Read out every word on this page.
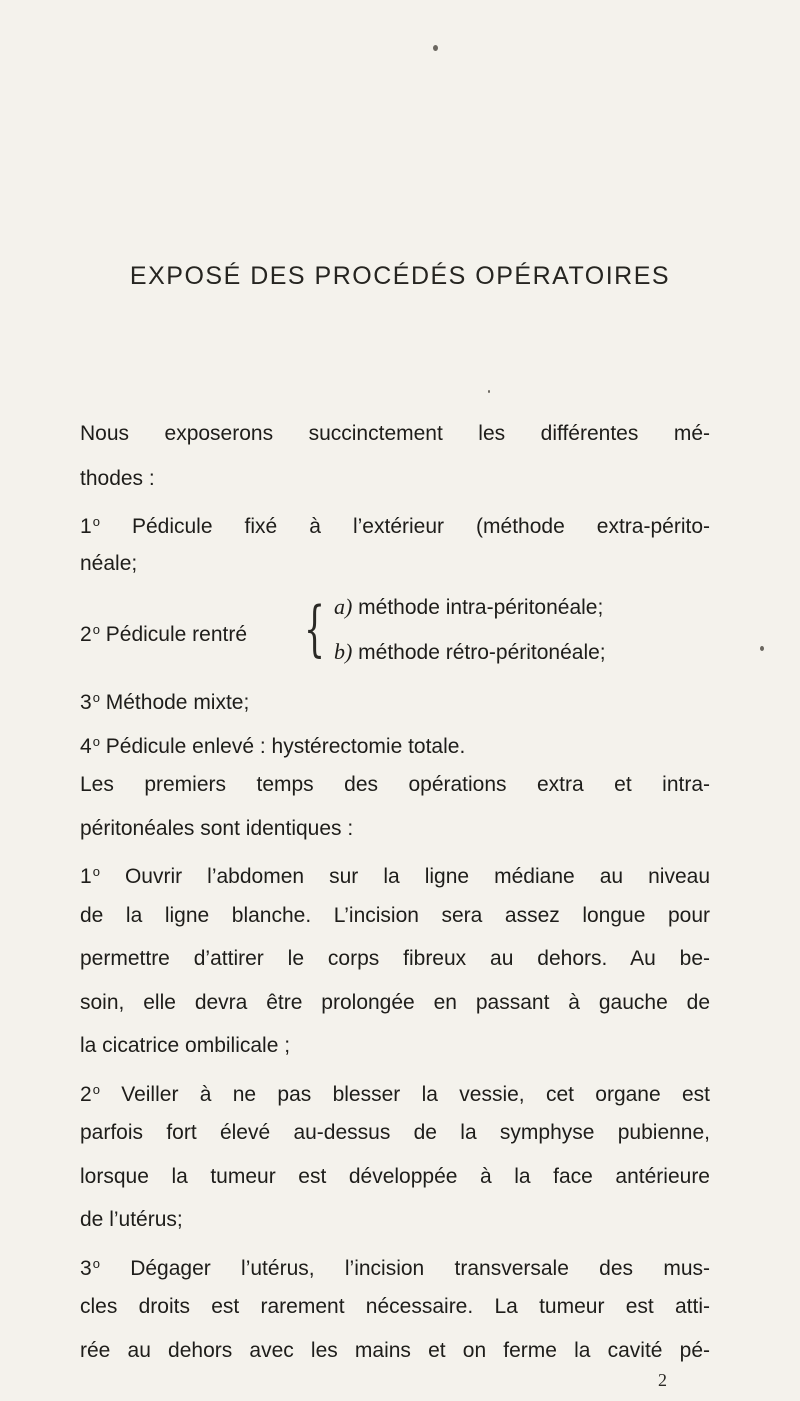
EXPOSÉ DES PROCÉDÉS OPÉRATOIRES
Nous exposerons succinctement les différentes mé-
thodes :
1$^o$ Pédicule fixé à l’extérieur (méthode extra-périto-
néale;
2$^o$ Pédicule rentré { a) méthode intra-péritonéale;
b) méthode rétro-péritonéale;
3$^o$ Méthode mixte;
4$^o$ Pédicule enlevé : hystérectomie totale.
Les premiers temps des opérations extra et intra-
péritonéales sont identiques :
1$^o$ Ouvrir l’abdomen sur la ligne médiane au niveau
de la ligne blanche. L’incision sera assez longue pour
permettre d’attirer le corps fibreux au dehors. Au be-
soin, elle devra être prolongée en passant à gauche de
la cicatrice ombilicale ;
2$^o$ Veiller à ne pas blesser la vessie, cet organe est
parfois fort élevé au-dessus de la symphyse pubienne,
lorsque la tumeur est développée à la face antérieure
de l’utérus;
3$^o$ Dégager l’utérus, l’incision transversale des mus-
cles droits est rarement nécessaire. La tumeur est atti-
rée au dehors avec les mains et on ferme la cavité pé-
2
